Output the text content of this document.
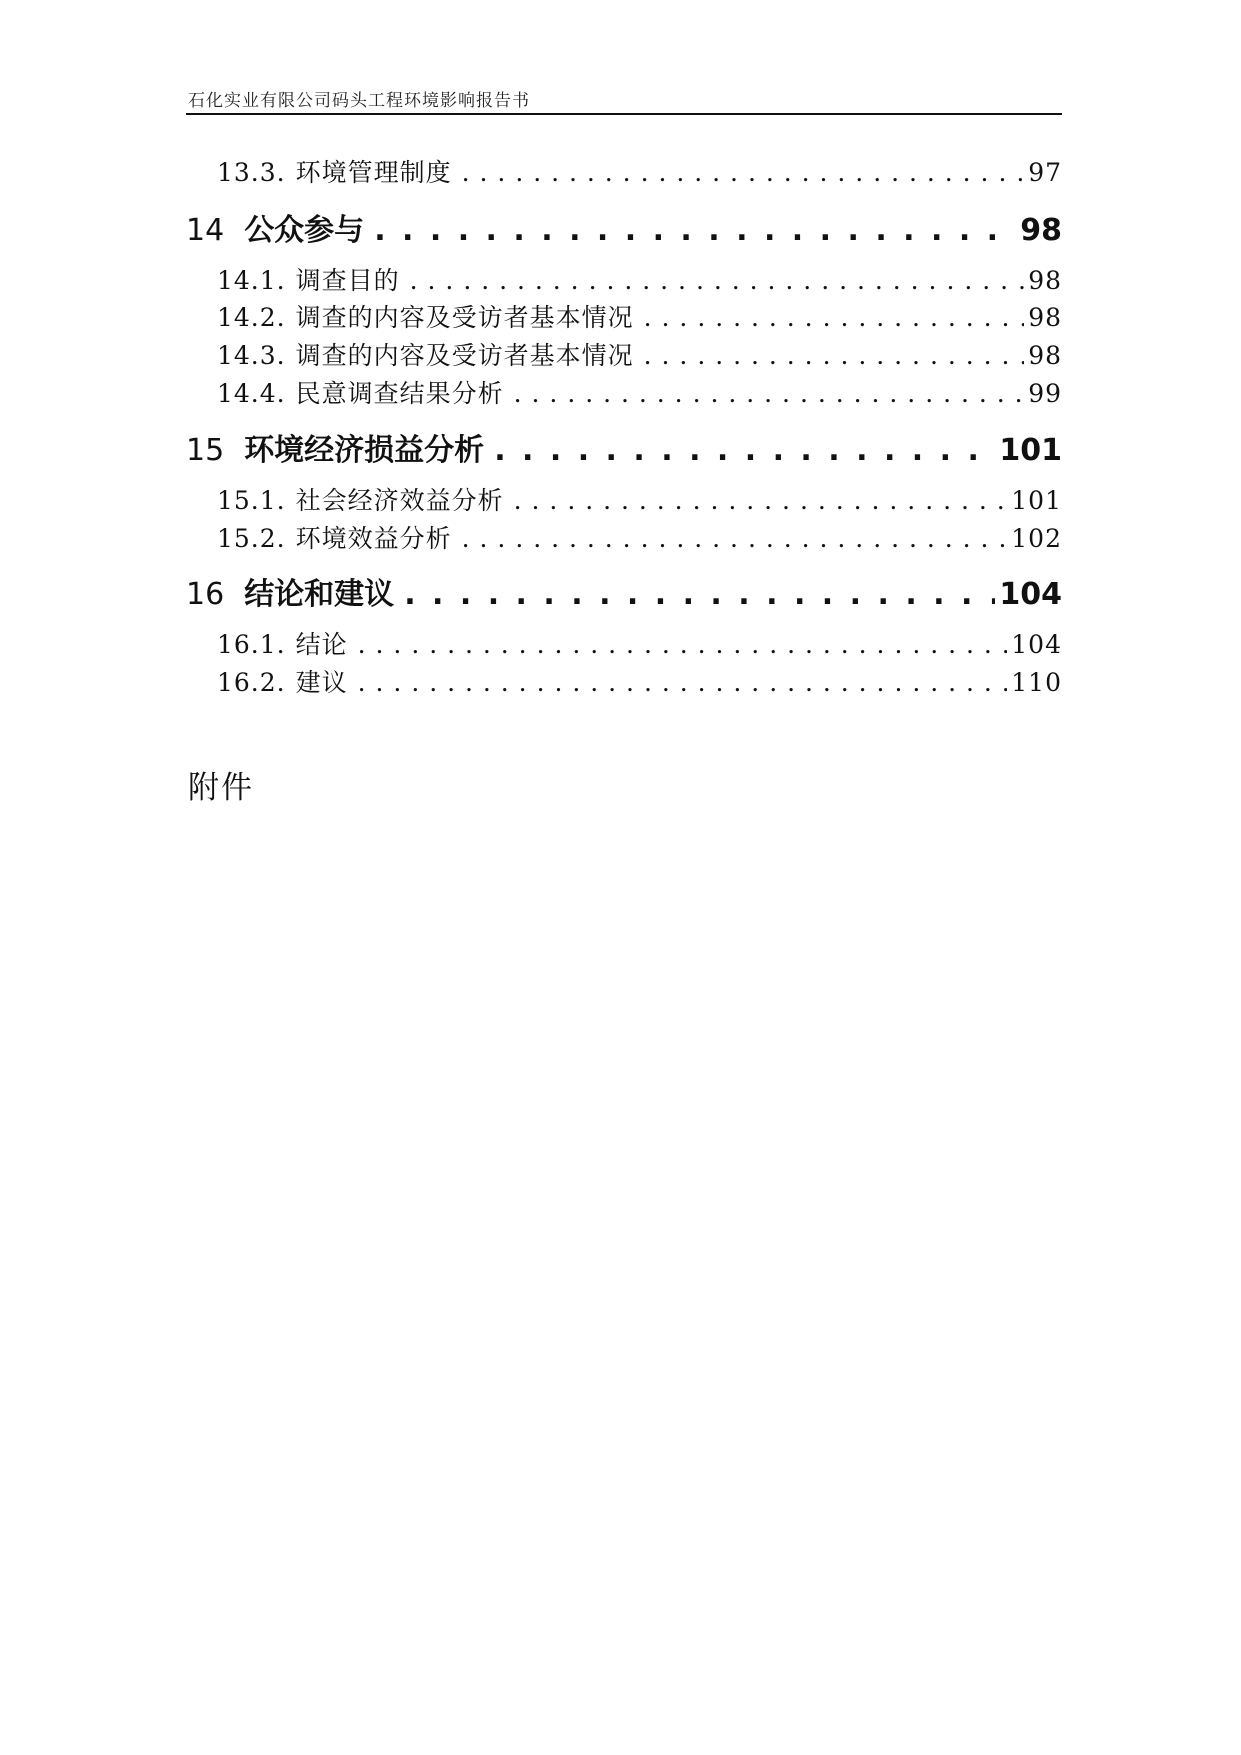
石化实业有限公司码头工程环境影响报告书
13.3. 环境管理制度 . . .	97
14 公众参与 . . .	98
14.1. 调查目的 . . .	98
14.2. 调查的内容及受访者基本情况 . . .	98
14.3. 调查的内容及受访者基本情况 . . .	98
14.4. 民意调查结果分析 . . .	99
15 环境经济损益分析 . . .	101
15.1. 社会经济效益分析 . . .	101
15.2. 环境效益分析 . . .	102
16 结论和建议 . . .	104
16.1. 结论 . . .	104
16.2. 建议 . . .	110
附件
